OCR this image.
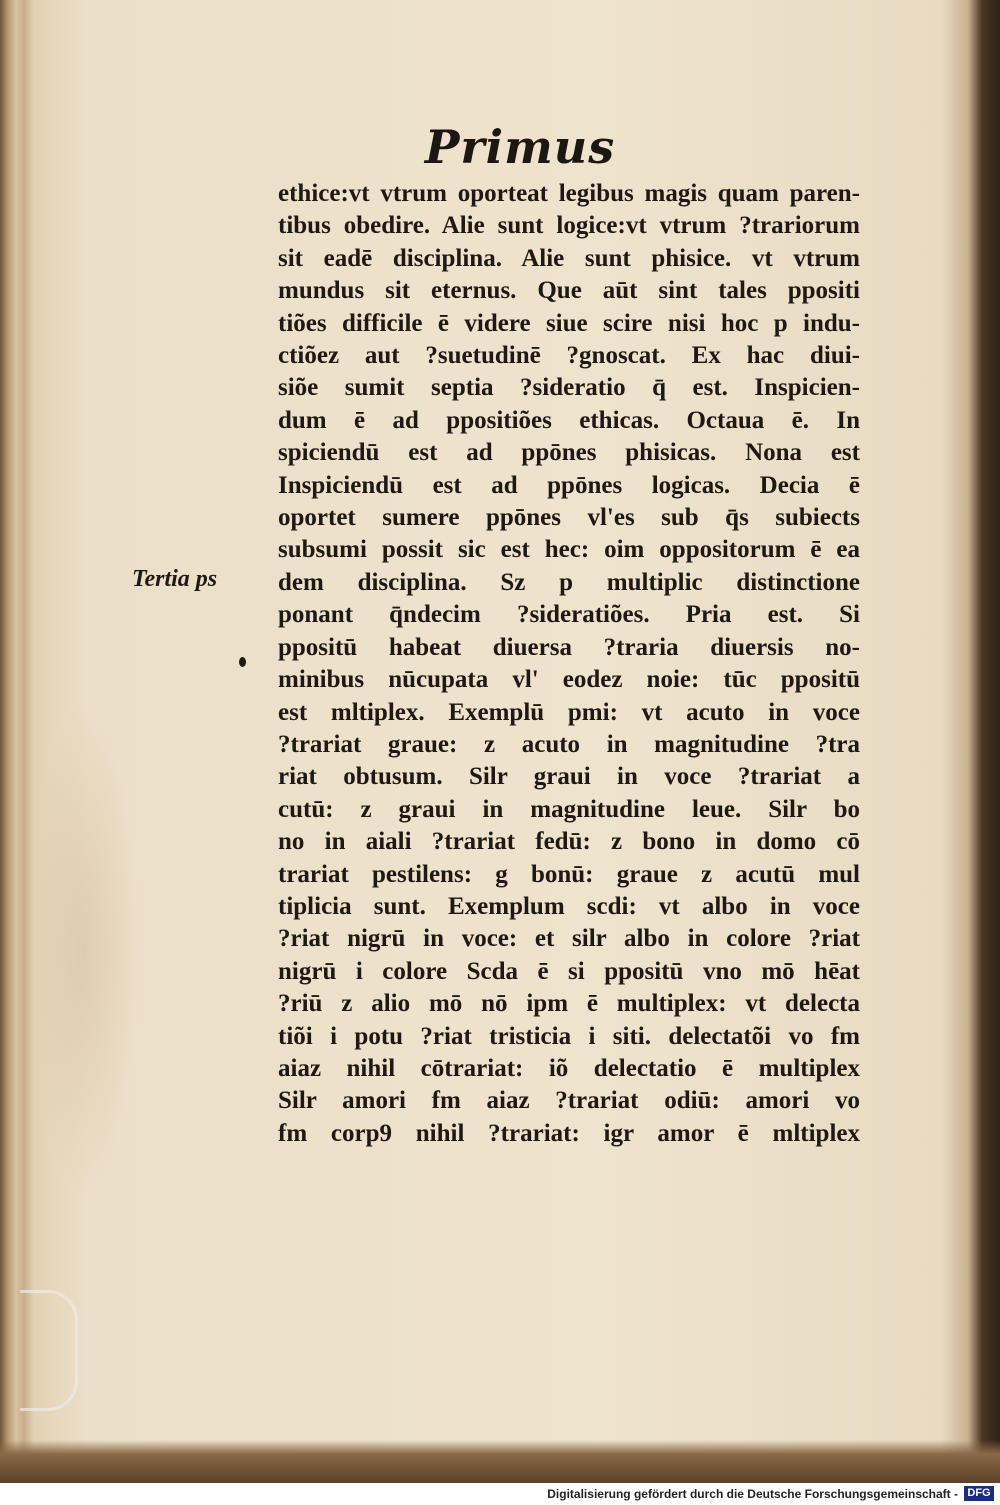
Primus
Tertia ps
ethice:vt vtrum oporteat legibus magis quam paren-
tibus obedire. Alie sunt logice:vt vtrum ?trariorum
sit eadē disciplina. Alie sunt phisice. vt vtrum
mundus sit eternus. Que aūt sint tales ppositi
tiões difficile ē videre siue scire nisi hoc p indu-
ctiõez aut ?suetudinē ?gnoscat. Ex hac diui-
siõe sumit septia ?sideratio q̄ est. Inspicien-
dum ē ad ppositiões ethicas. Octaua ē. In
spiciendū est ad ppōnes phisicas. Nona est
Inspiciendū est ad ppōnes logicas. Decia ē
oportet sumere ppōnes vl'es sub q̄s subiects
subsumi possit sic est hec: oim oppositorum ē ea
dem disciplina. Sz p multiplic distinctione
ponant q̄ndecim ?sideratiões. Pria est. Si
ppositū habeat diuersa ?traria diuersis no-
minibus nūcupata vl' eodez noie: tūc ppositū
est mltiplex. Exemplū pmi: vt acuto in voce
?trariat graue: z acuto in magnitudine ?tra
riat obtusum. Silr graui in voce ?trariat a
cutū: z graui in magnitudine leue. Silr bo
no in aiali ?trariat fedū: z bono in domo cō
trariat pestilens: g bonū: graue z acutū mul
tiplicia sunt. Exemplum scdi: vt albo in voce
?riat nigrū in voce: et silr albo in colore ?riat
nigrū i colore Scda ē si ppositū vno mō hēat
?riū z alio mō nō ipm ē multiplex: vt delecta
tiõi i potu ?riat tristicia i siti. delectatõi vo fm
aiaz nihil cōtrariat: iõ delectatio ē multiplex
Silr amori fm aiaz ?trariat odiū: amori vo
fm corp9 nihil ?trariat: igr amor ē mltiplex
Digitalisierung gefördert durch die Deutsche Forschungsgemeinschaft - DFG
